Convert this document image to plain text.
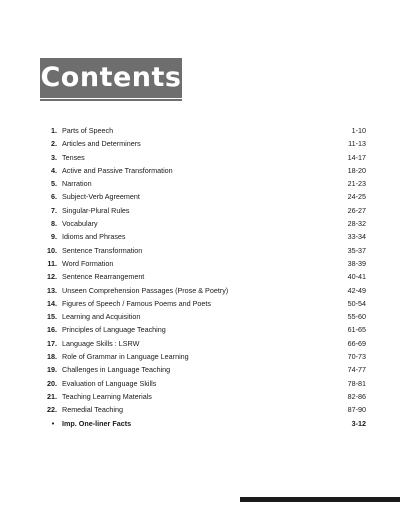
Contents
1. Parts of Speech	1-10
2. Articles and Determiners	11-13
3. Tenses	14-17
4. Active and Passive Transformation	18-20
5. Narration	21-23
6. Subject-Verb Agreement	24-25
7. Singular-Plural Rules	26-27
8. Vocabulary	28-32
9. Idioms and Phrases	33-34
10. Sentence Transformation	35-37
11. Word Formation	38-39
12. Sentence Rearrangement	40-41
13. Unseen Comprehension Passages (Prose & Poetry)	42-49
14. Figures of Speech / Famous Poems and Poets	50-54
15. Learning and Acquisition	55-60
16. Principles of Language Teaching	61-65
17. Language Skills : LSRW	66-69
18. Role of Grammar in Language Learning	70-73
19. Challenges in Language Teaching	74-77
20. Evaluation of Language Skills	78-81
21. Teaching Learning Materials	82-86
22. Remedial Teaching	87-90
•	Imp. One-liner Facts	3-12
